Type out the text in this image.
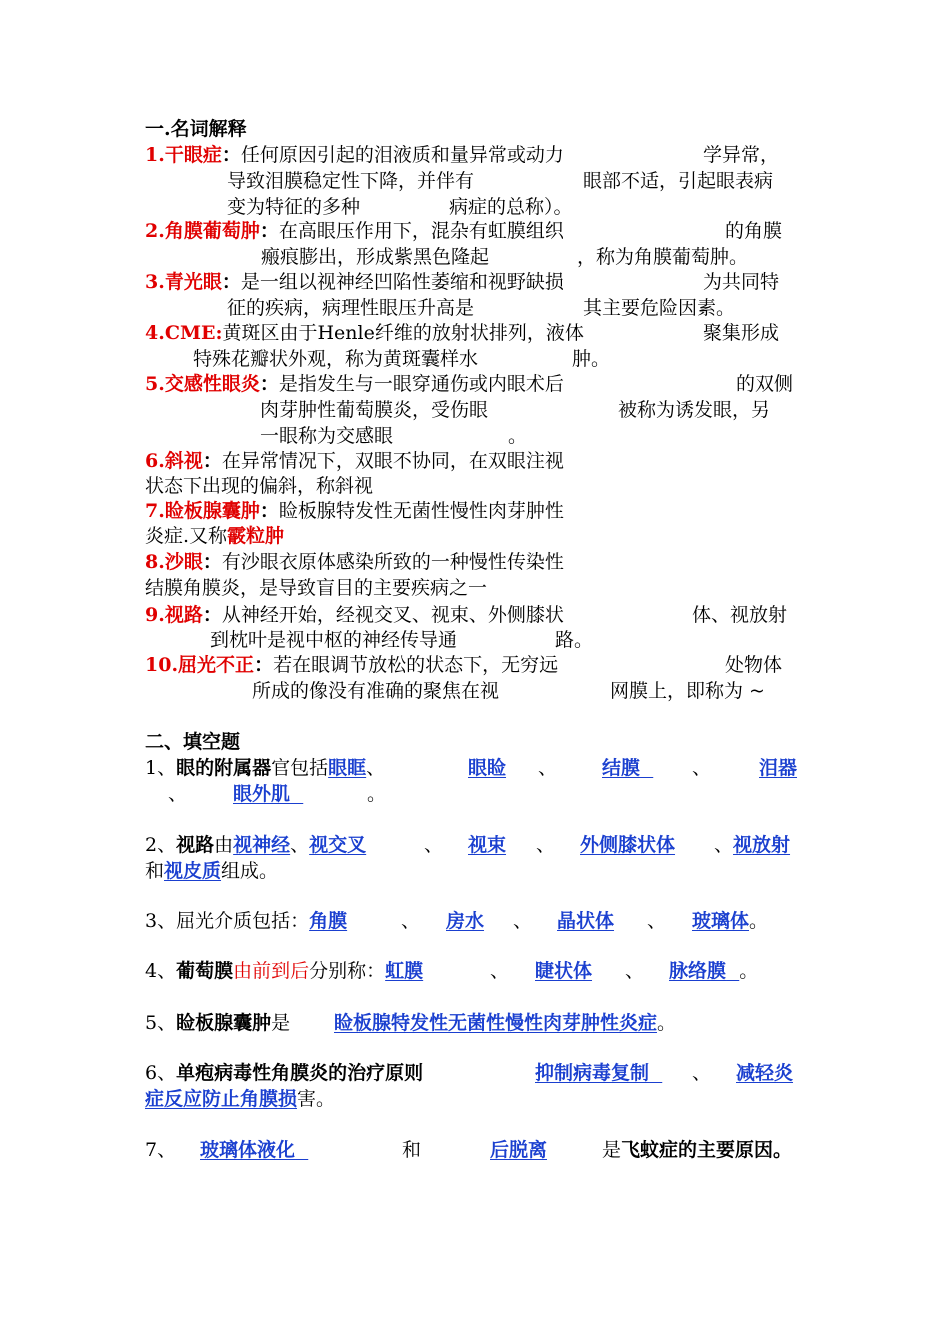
一.名词解释
1.干眼症：任何原因引起的泪液质和量异常或动力	学异常，
导致泪膜稳定性下降，并伴有	眼部不适，引起眼表病
变为特征的多种	病症的总称）。
2.角膜葡萄肿：在高眼压作用下，混杂有虹膜组织	的角膜
瘢痕膨出，形成紫黑色隆起	，称为角膜葡萄肿。
3.青光眼：是一组以视神经凹陷性萎缩和视野缺损	为共同特
征的疾病，病理性眼压升高是	其主要危险因素。
4.CME:黄斑区由于Henle纤维的放射状排列，液体	聚集形成
特殊花瓣状外观，称为黄斑囊样水	肿。
5.交感性眼炎：是指发生与一眼穿通伤或内眼术后	的双侧
肉芽肿性葡萄膜炎，受伤眼	被称为诱发眼，另
一眼称为交感眼	。
6.斜视：在异常情况下，双眼不协同，在双眼注视
状态下出现的偏斜，称斜视
7.睑板腺囊肿：睑板腺特发性无菌性慢性肉芽肿性
炎症.又称霰粒肿
8.沙眼：有沙眼衣原体感染所致的一种慢性传染性
结膜角膜炎，是导致盲目的主要疾病之一
9.视路：从神经开始，经视交叉、视束、外侧膝状	体、视放射
到枕叶是视中枢的神经传导通	路。
10.屈光不正：若在眼调节放松的状态下，无穷远	处物体
所成的像没有准确的聚焦在视	网膜上，即称为 ~
二、填空题
1、眼的附属器官包括眼眶、	眼睑 、 结膜	、	泪器
、 眼外肌	。
2、视路由视神经、视交叉	、 视束 、 外侧膝状体 、视放射
和视皮质组成。
3、屈光介质包括：角膜	、 房水 、 晶状体 、 玻璃体。
4、葡萄膜由前到后分别称：虹膜	、 睫状体 、 脉络膜 。
5、睑板腺囊肿是 睑板腺特发性无菌性慢性肉芽肿性炎症。
6、单疱病毒性角膜炎的治疗原则	抑制病毒复制	、 减轻炎
症反应防止角膜损害。
7、 玻璃体液化	和	后脱离	是飞蚊症的主要原因。
